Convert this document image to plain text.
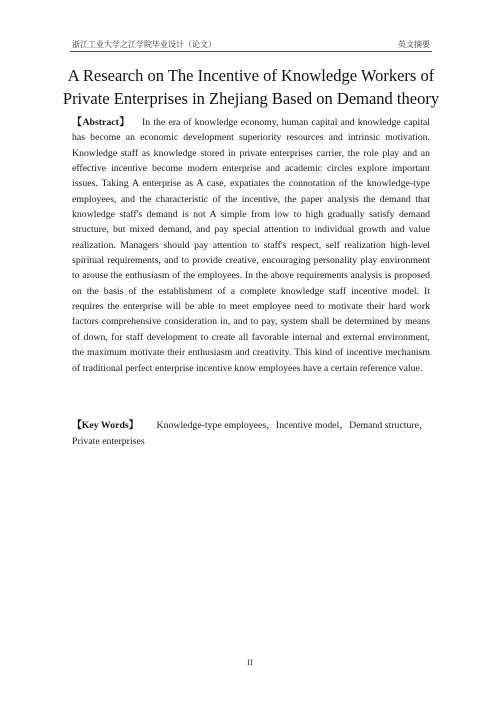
浙江工业大学之江学院毕业设计（论文）	英文摘要
A Research on The Incentive of Knowledge Workers of Private Enterprises in Zhejiang Based on Demand theory
【Abstract】 In the era of knowledge economy, human capital and knowledge capital has become an economic development superiority resources and intrinsic motivation. Knowledge staff as knowledge stored in private enterprises carrier, the role play and an effective incentive become modern enterprise and academic circles explore important issues. Taking A enterprise as A case, expatiates the connotation of the knowledge-type employees, and the characteristic of the incentive, the paper analysis the demand that knowledge staff's demand is not A simple from low to high gradually satisfy demand structure, but mixed demand, and pay special attention to individual growth and value realization. Managers should pay attention to staff's respect, self realization high-level spiritual requirements, and to provide creative, encouraging personality play environment to arouse the enthusiasm of the employees. In the above requirements analysis is proposed on the basis of the establishment of a complete knowledge staff incentive model. It requires the enterprise will be able to meet employee need to motivate their hard work factors comprehensive consideration in, and to pay, system shall be determined by means of down, for staff development to create all favorable internal and external environment, the maximum motivate their enthusiasm and creativity. This kind of incentive mechanism of traditional perfect enterprise incentive know employees have a certain reference value.
【Key Words】 Knowledge-type employees，Incentive model，Demand structure，Private enterprises
II
